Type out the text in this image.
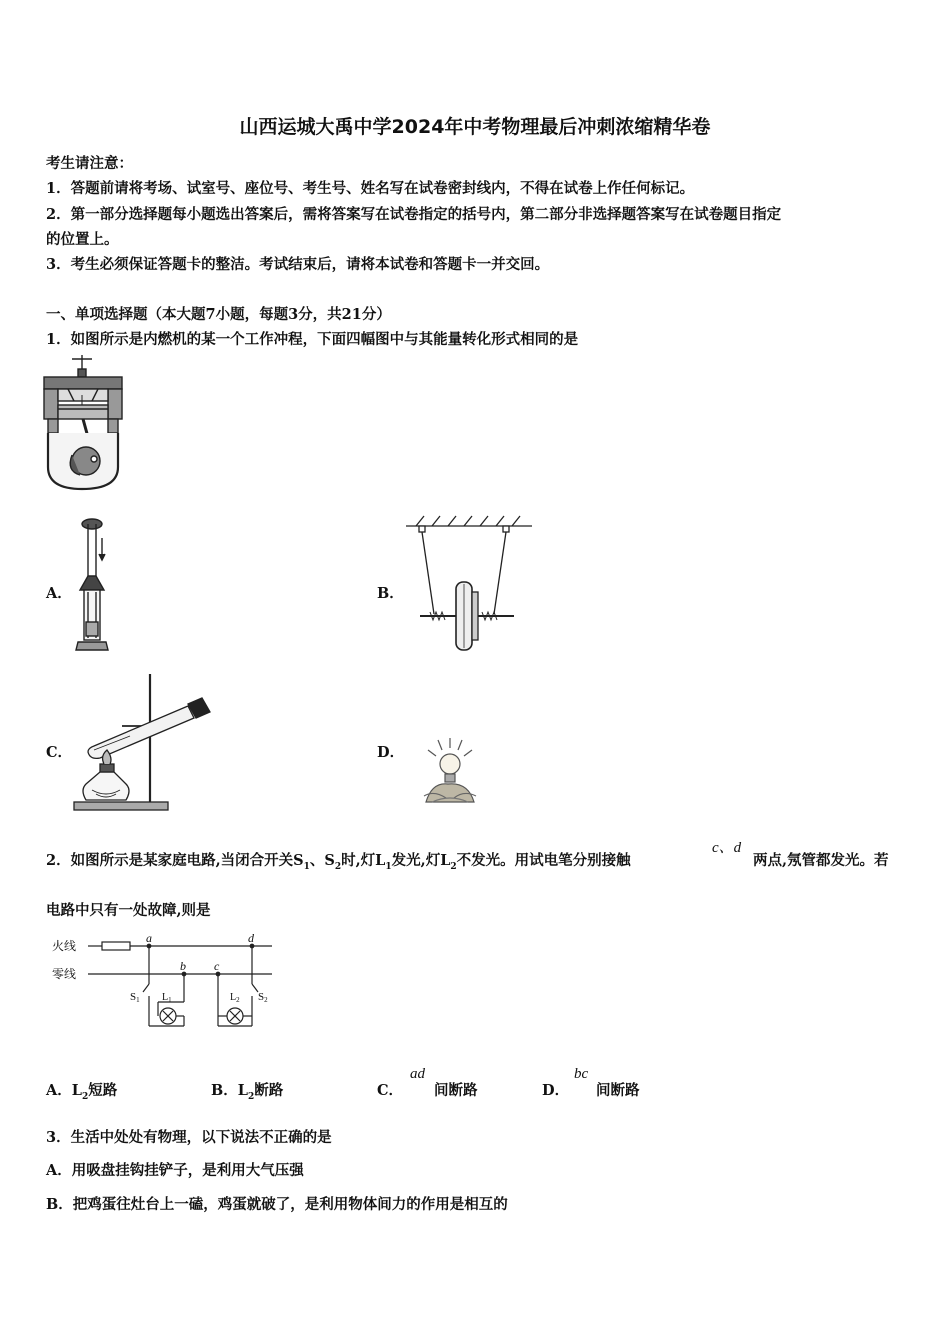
山西运城大禹中学2024年中考物理最后冲刺浓缩精华卷
考生请注意：
1．答题前请将考场、试室号、座位号、考生号、姓名写在试卷密封线内，不得在试卷上作任何标记。
2．第一部分选择题每小题选出答案后，需将答案写在试卷指定的括号内，第二部分非选择题答案写在试卷题目指定
的位置上。
3．考生必须保证答题卡的整洁。考试结束后，请将本试卷和答题卡一并交回。
一、单项选择题（本大题7小题，每题3分，共21分）
1．如图所示是内燃机的某一个工作冲程，下面四幅图中与其能量转化形式相同的是
A．	B．
C．	D．
2．如图所示是某家庭电路,当闭合开关$S_1$、$S_2$时,灯$L_1$发光,灯$L_2$不发光。用试电笔分别接触
c、d
两点,氖管都发光。若
电路中只有一处故障,则是
火线
零线
a
b c
d
S1 $L_1$	$L_2$ S2
A．$L_2$短路	B．$L_2$断路	C．
ad
间断路	D．
bc
间断路
3．生活中处处有物理，以下说法不正确的是
A．用吸盘挂钩挂铲子，是利用大气压强
B．把鸡蛋往灶台上一磕，鸡蛋就破了，是利用物体间力的作用是相互的
